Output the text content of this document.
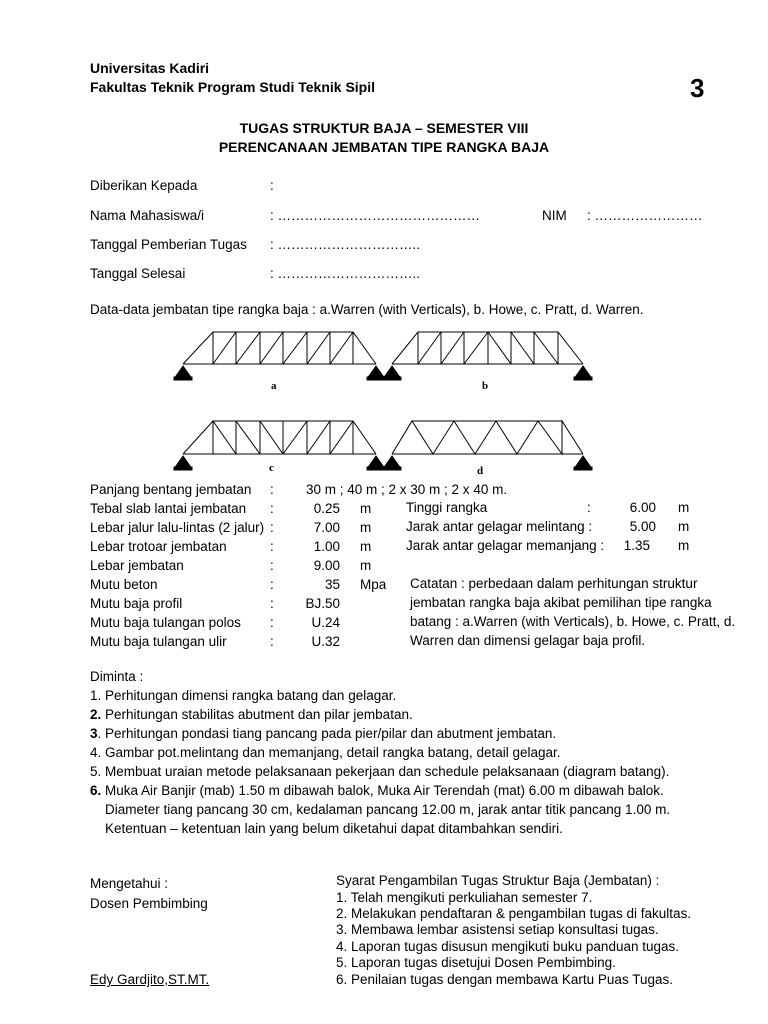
Universitas Kadiri
Fakultas Teknik Program Studi Teknik Sipil	3
TUGAS STRUKTUR BAJA – SEMESTER VIII
PERENCANAAN JEMBATAN TIPE RANGKA BAJA
Diberikan Kepada	:
Nama Mahasiswa/i	: ………………………………………	NIM : ……………………
Tanggal Pemberian Tugas : …………………………..
Tanggal Selesai	: …………………………..
Data-data jembatan tipe rangka baja : a.Warren (with Verticals), b. Howe, c. Pratt, d. Warren.
a	b
c	d
Panjang bentang jembatan : 30 m ; 40 m ; 2 x 30 m ; 2 x 40 m.
Tebal slab lantai jembatan :	0.25 m
Lebar jalur lalu-lintas (2 jalur) :	7.00 m
Lebar trotoar jembatan	:	1.00 m
Lebar jembatan	:	9.00 m
Mutu beton	:	35 Mpa
Mutu baja profil	:	BJ.50
Mutu baja tulangan polos :	U.24
Mutu baja tulangan ulir	:	U.32
Tinggi rangka	:	6.00 m
Jarak antar gelagar melintang :	5.00 m
Jarak antar gelagar memanjang :	1.35 m
Catatan : perbedaan dalam perhitungan struktur
jembatan rangka baja akibat pemilihan tipe rangka
batang : a.Warren (with Verticals), b. Howe, c. Pratt, d.
Warren dan dimensi gelagar baja profil.
Diminta :
1. Perhitungan dimensi rangka batang dan gelagar.
2. Perhitungan stabilitas abutment dan pilar jembatan.
3. Perhitungan pondasi tiang pancang pada pier/pilar dan abutment jembatan.
4. Gambar pot.melintang dan memanjang, detail rangka batang, detail gelagar.
5. Membuat uraian metode pelaksanaan pekerjaan dan schedule pelaksanaan (diagram batang).
6. Muka Air Banjir (mab) 1.50 m dibawah balok, Muka Air Terendah (mat) 6.00 m dibawah balok.
Diameter tiang pancang 30 cm, kedalaman pancang 12.00 m, jarak antar titik pancang 1.00 m.
Ketentuan – ketentuan lain yang belum diketahui dapat ditambahkan sendiri.
Mengetahui :
Dosen Pembimbing
Edy Gardjito,ST.MT.
Syarat Pengambilan Tugas Struktur Baja (Jembatan) :
1. Telah mengikuti perkuliahan semester 7.
2. Melakukan pendaftaran & pengambilan tugas di fakultas.
3. Membawa lembar asistensi setiap konsultasi tugas.
4. Laporan tugas disusun mengikuti buku panduan tugas.
5. Laporan tugas disetujui Dosen Pembimbing.
6. Penilaian tugas dengan membawa Kartu Puas Tugas.
